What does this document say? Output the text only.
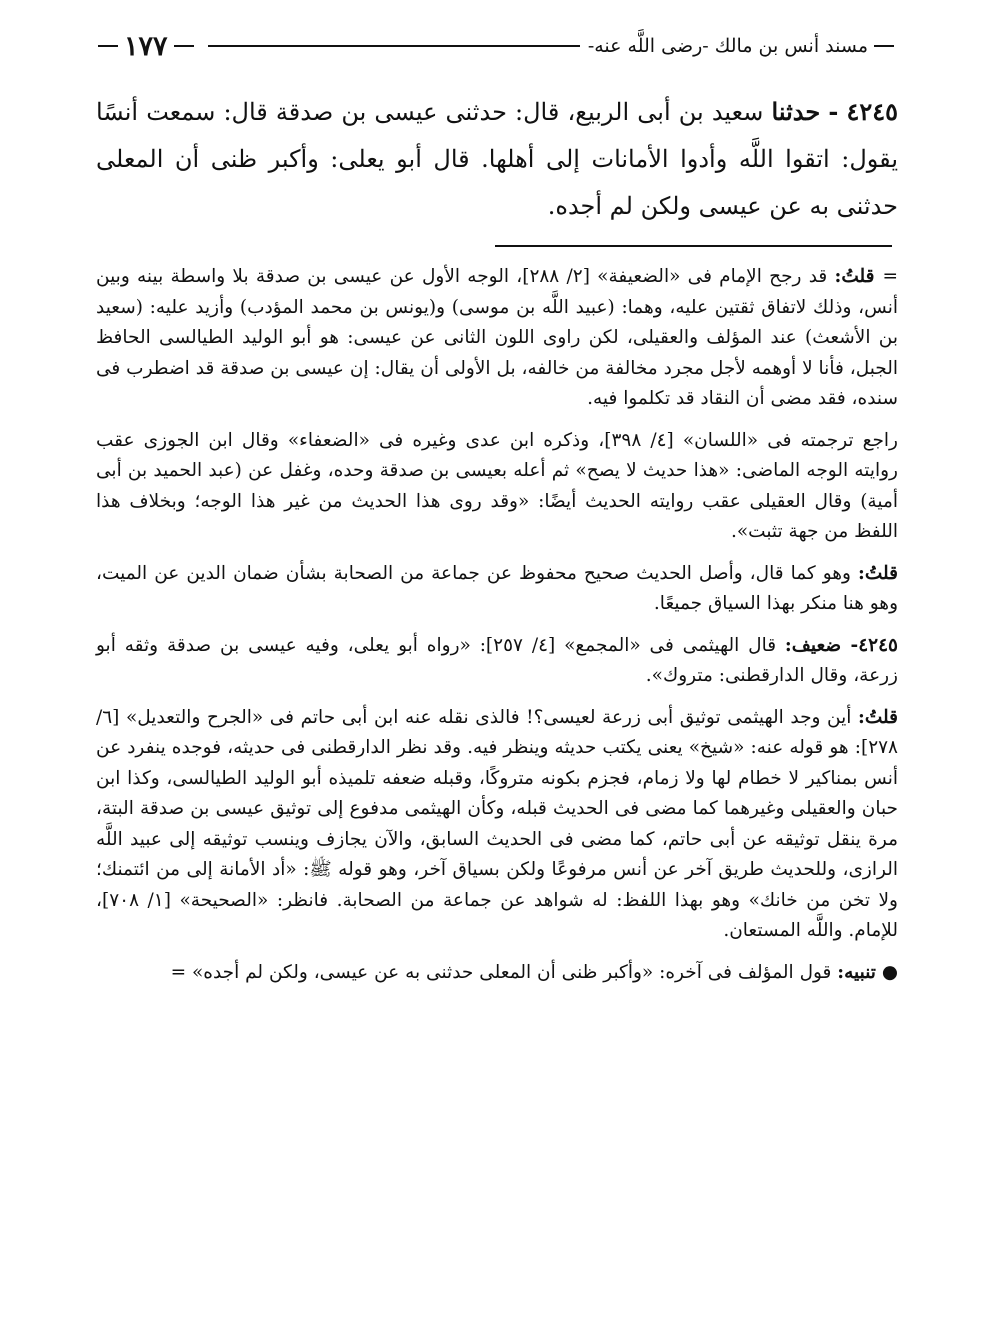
١٧٧	مسند أنس بن مالك -رضى اللَّه عنه-
٤٢٤٥ - حدثنا سعيد بن أبى الربيع، قال: حدثنى عيسى بن صدقة قال: سمعت أنسًا يقول: اتقوا اللَّه وأدوا الأمانات إلى أهلها. قال أبو يعلى: وأكبر ظنى أن المعلى حدثنى به عن عيسى ولكن لم أجده.

=قلتُ: قد رجح الإمام فى «الضعيفة» [٢/ ٢٨٨]، الوجه الأول عن عيسى بن صدقة بلا واسطة بينه وبين أنس، وذلك لاتفاق ثقتين عليه، وهما: (عبيد اللَّه بن موسى) و(يونس بن محمد المؤدب) وأزيد عليه: (سعيد بن الأشعث) عند المؤلف والعقيلى، لكن راوى اللون الثانى عن عيسى: هو أبو الوليد الطيالسى الحافظ الجبل، فأنا لا أوهمه لأجل مجرد مخالفة من خالفه، بل الأولى أن يقال: إن عيسى بن صدقة قد اضطرب فى سنده، فقد مضى أن النقاد قد تكلموا فيه.

راجع ترجمته فى «اللسان» [٤/ ٣٩٨]، وذكره ابن عدى وغيره فى «الضعفاء» وقال ابن الجوزى عقب روايته الوجه الماضى: «هذا حديث لا يصح» ثم أعله بعيسى بن صدقة وحده، وغفل عن (عبد الحميد بن أبى أمية) وقال العقيلى عقب روايته الحديث أيضًا: «وقد روى هذا الحديث من غير هذا الوجه؛ وبخلاف هذا اللفظ من جهة تثبت».

قلتُ: وهو كما قال، وأصل الحديث صحيح محفوظ عن جماعة من الصحابة بشأن ضمان الدين عن الميت، وهو هنا منكر بهذا السياق جميعًا.

٤٢٤٥- ضعيف: قال الهيثمى فى «المجمع» [٤/ ٢٥٧]: «رواه أبو يعلى، وفيه عيسى بن صدقة وثقه أبو زرعة، وقال الدارقطنى: متروك».

قلتُ: أين وجد الهيثمى توثيق أبى زرعة لعيسى؟! فالذى نقله عنه ابن أبى حاتم فى «الجرح والتعديل» [٦/ ٢٧٨]: هو قوله عنه: «شيخ» يعنى يكتب حديثه وينظر فيه. وقد نظر الدارقطنى فى حديثه، فوجده ينفرد عن أنس بمناكير لا خطام لها ولا زمام، فجزم بكونه متروكًا، وقبله ضعفه تلميذه أبو الوليد الطيالسى، وكذا ابن حبان والعقيلى وغيرهما كما مضى فى الحديث قبله، وكأن الهيثمى مدفوع إلى توثيق عيسى بن صدقة البتة، مرة ينقل توثيقه عن أبى حاتم، كما مضى فى الحديث السابق، والآن يجازف وينسب توثيقه إلى عبيد اللَّه الرازى، وللحديث طريق آخر عن أنس مرفوعًا ولكن بسياق آخر، وهو قوله ﷺ: «أد الأمانة إلى من ائتمنك؛ ولا تخن من خانك» وهو بهذا اللفظ: له شواهد عن جماعة من الصحابة. فانظر: «الصحيحة» [١/ ٧٠٨]، للإمام. واللَّه المستعان.

● تنبيه: قول المؤلف فى آخره: «وأكبر ظنى أن المعلى حدثنى به عن عيسى، ولكن لم أجده» =
